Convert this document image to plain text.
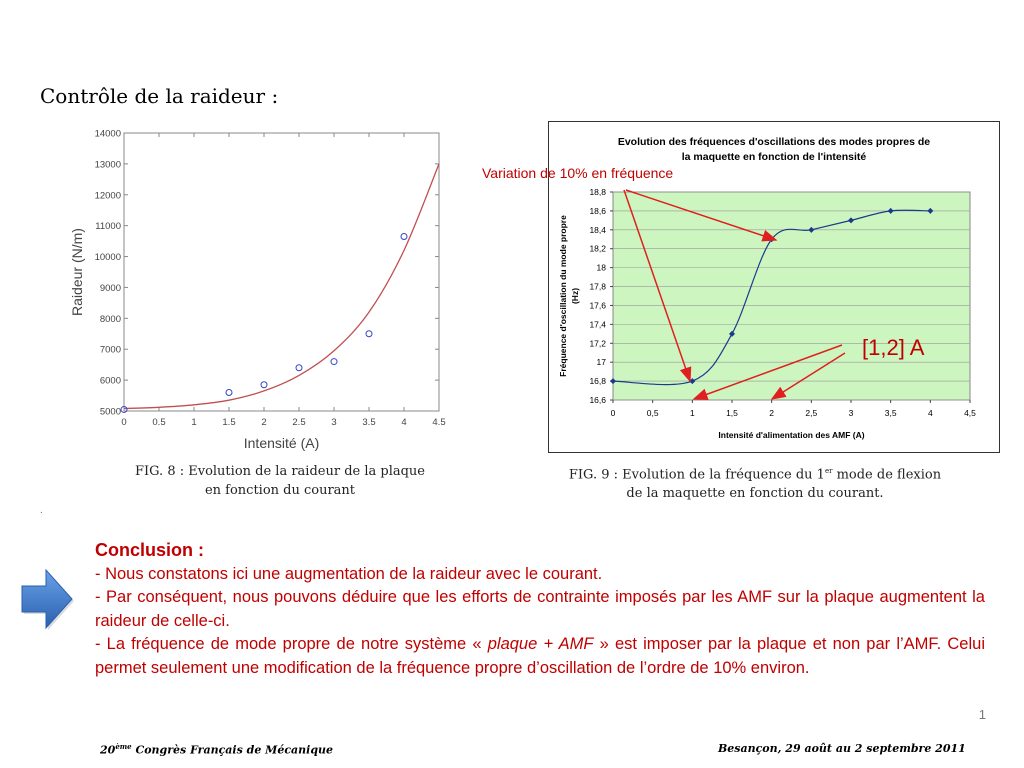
Contrôle de la raideur :
5000
6000
7000
8000
9000
10000
11000
12000
13000
14000
0	0.5	1	1.5	2	2.5	3	3.5	4	4.5
Intensité (A)
Raideur (N/m)
Evolution des fréquences d'oscillations des modes propres de
la maquette en fonction de l'intensité
16,6
16,8
17
17,2
17,4
17,6
17,8
18
18,2
18,4
18,6
18,8
0	0,5	1	1,5	2	2,5	3	3,5	4	4,5
Intensité d'alimentation des AMF (A)
Fréquence d'oscillation du mode propre (Hz)
Variation de 10% en fréquence
[1,2] A
FIG. 8 : Evolution de la raideur de la plaque
en fonction du courant
FIG. 9 : Evolution de la fréquence du 1er mode de flexion
de la maquette en fonction du courant.
.
Conclusion :
- Nous constatons ici une augmentation de la raideur avec le courant.
- Par conséquent, nous pouvons déduire que les efforts de contrainte imposés par les AMF sur la plaque augmentent la raideur de celle-ci.
- La fréquence de mode propre de notre système « plaque + AMF » est imposer par la plaque et non par l’AMF. Celui permet seulement une modification de la fréquence propre d’oscillation de l’ordre de 10% environ.
1
20ème Congrès Français de Mécanique	Besançon, 29 août au 2 septembre 2011
